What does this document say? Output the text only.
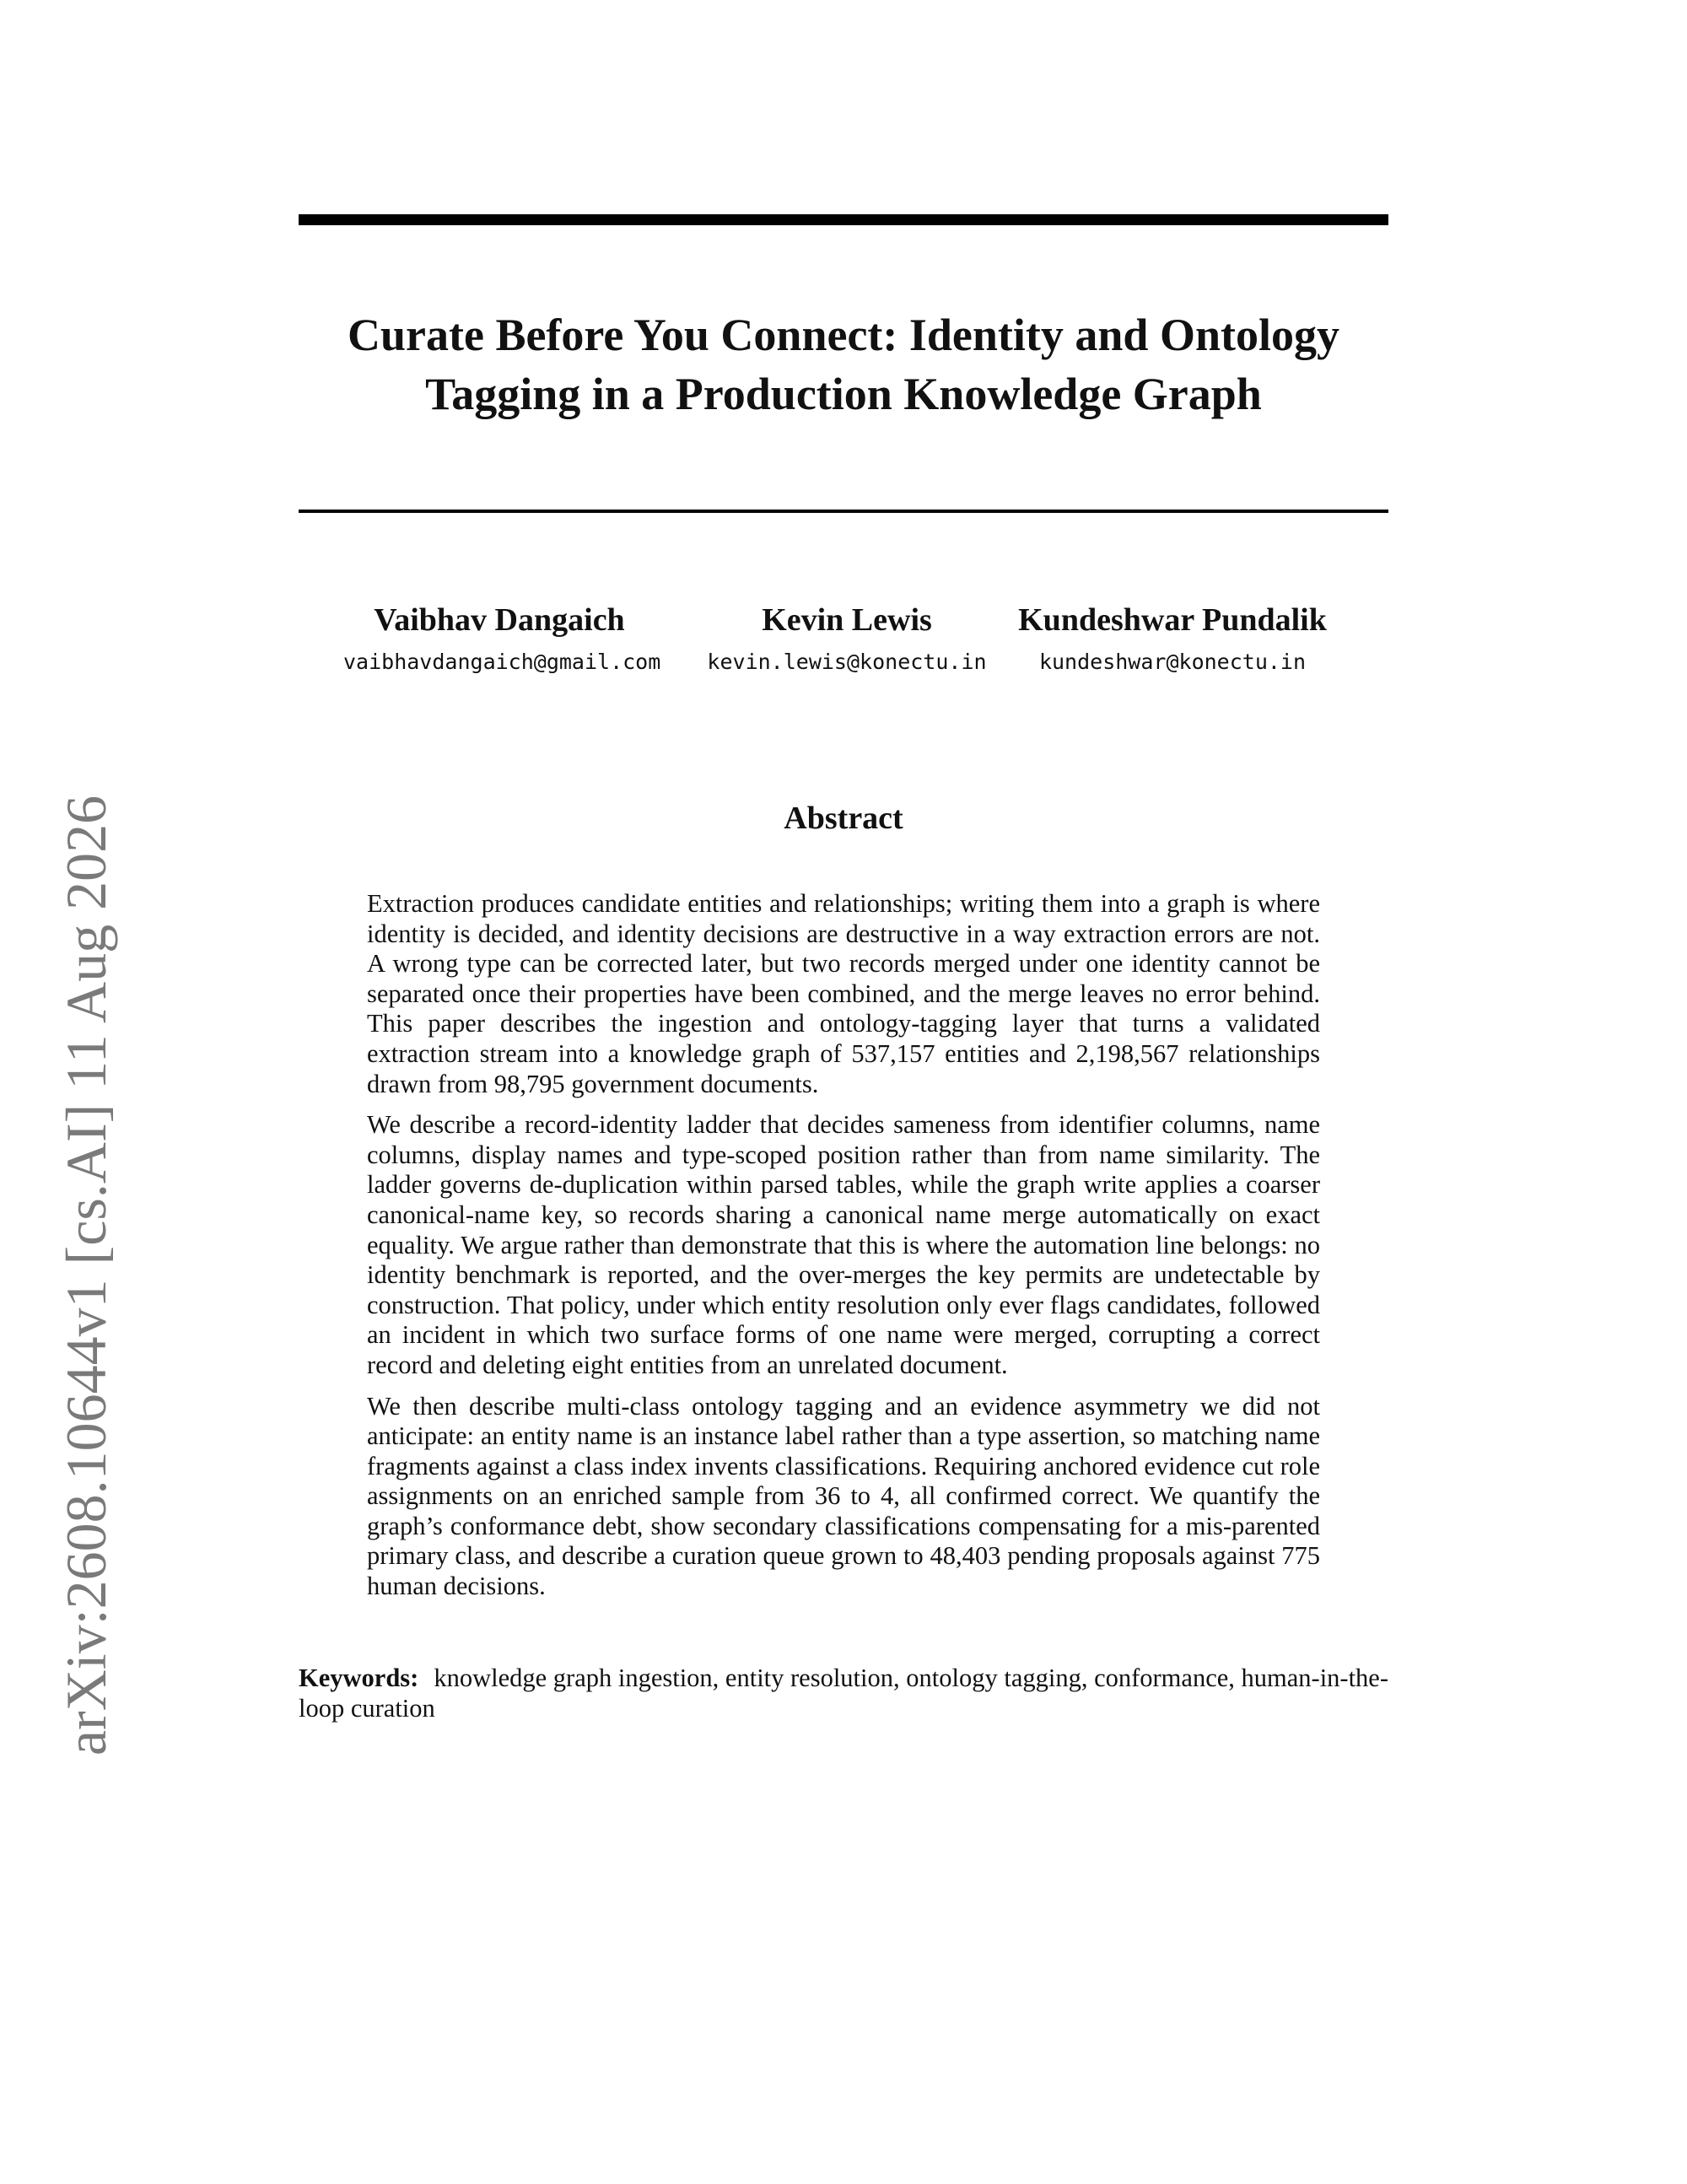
arXiv:2608.10644v1 [cs.AI] 11 Aug 2026
Curate Before You Connect: Identity and Ontology
Tagging in a Production Knowledge Graph
Vaibhav Dangaich
vaibhavdangaich@gmail.com
Kevin Lewis
kevin.lewis@konectu.in
Kundeshwar Pundalik
kundeshwar@konectu.in
Abstract

Extraction produces candidate entities and relationships; writing them into a graph is where identity is decided, and identity decisions are destructive in a way extraction errors are not. A wrong type can be corrected later, but two records merged under one identity cannot be separated once their properties have been combined, and the merge leaves no error behind. This paper describes the ingestion and ontology-tagging layer that turns a validated extraction stream into a knowledge graph of 537,157 entities and 2,198,567 relationships drawn from 98,795 government documents.

We describe a record-identity ladder that decides sameness from identifier columns, name columns, display names and type-scoped position rather than from name similarity. The ladder governs de-duplication within parsed tables, while the graph write applies a coarser canonical-name key, so records sharing a canonical name merge automatically on exact equality. We argue rather than demonstrate that this is where the automation line belongs: no identity benchmark is reported, and the over-merges the key permits are undetectable by construction. That policy, under which entity resolution only ever flags candidates, followed an incident in which two surface forms of one name were merged, corrupting a correct record and deleting eight entities from an unrelated document.

We then describe multi-class ontology tagging and an evidence asymmetry we did not anticipate: an entity name is an instance label rather than a type assertion, so matching name fragments against a class index invents classifications. Requiring anchored evidence cut role assignments on an enriched sample from 36 to 4, all confirmed correct. We quantify the graph’s conformance debt, show secondary classifications compensating for a mis-parented primary class, and describe a curation queue grown to 48,403 pending proposals against 775 human decisions.

Keywords: knowledge graph ingestion, entity resolution, ontology tagging, conformance, human-in-the-loop curation
